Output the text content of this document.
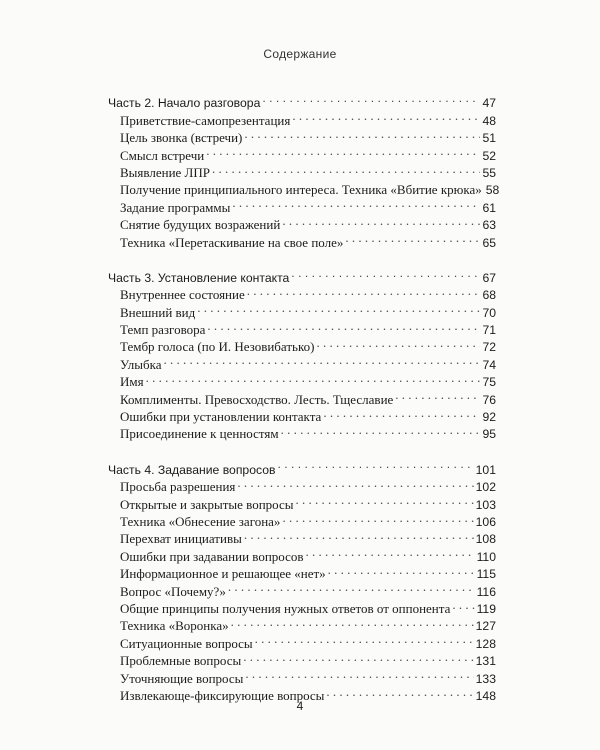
Содержание
Часть 2. Начало разговора . . .	47
Приветствие-самопрезентация . . .	48
Цель звонка (встречи) . . .	51
Смысл встречи . . .	52
Выявление ЛПР . . .	55
Получение принципиального интереса. Техника «Вбитие крюка» 58
Задание программы . . .	61
Снятие будущих возражений . . .	63
Техника «Перетаскивание на свое поле» . . .	65
Часть 3. Установление контакта . . .	67
Внутреннее состояние . . .	68
Внешний вид . . .	70
Темп разговора . . .	71
Тембр голоса (по И. Незовибатько) . . .	72
Улыбка . . .	74
Имя . . .	75
Комплименты. Превосходство. Лесть. Тщеславие . . .	76
Ошибки при установлении контакта . . .	92
Присоединение к ценностям . . .	95
Часть 4. Задавание вопросов . . .	101
Просьба разрешения . . .	102
Открытые и закрытые вопросы . . .	103
Техника «Обнесение загона» . . .	106
Перехват инициативы . . .	108
Ошибки при задавании вопросов . . .	110
Информационное и решающее «нет» . . .	115
Вопрос «Почему?» . . .	116
Общие принципы получения нужных ответов от оппонента . . . 119
Техника «Воронка» . . .	127
Ситуационные вопросы . . .	128
Проблемные вопросы . . .	131
Уточняющие вопросы . . .	133
Извлекающе-фиксирующие вопросы . . .	148
4
